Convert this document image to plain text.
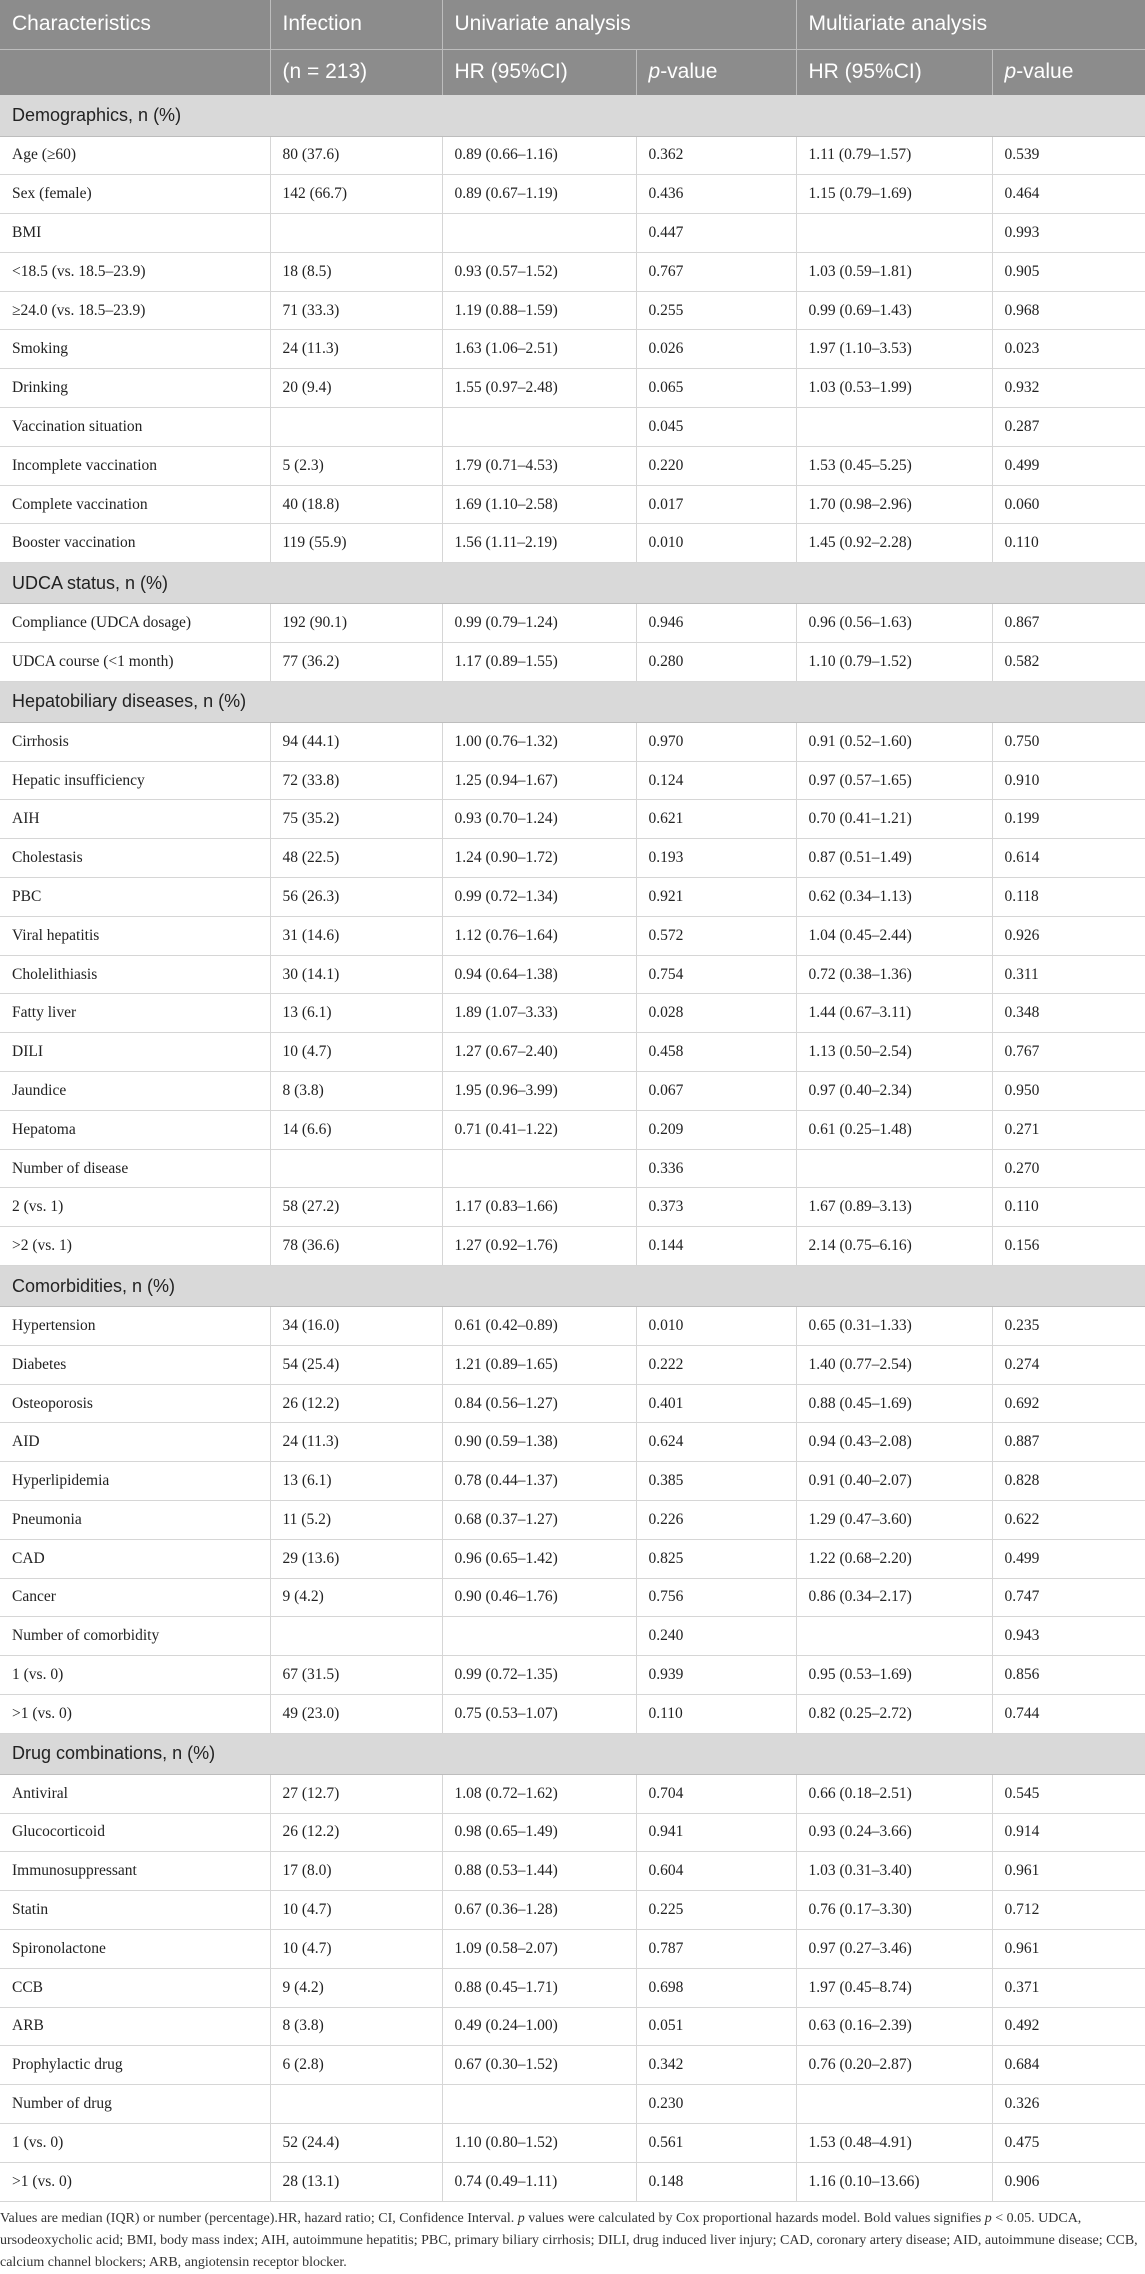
Characteristics	Infection	Univariate analysis		Multiariate analysis	
	(n = 213)	HR (95%CI)	p-value	HR (95%CI)	p-value
Demographics, n (%)					
Age (≥60)	80 (37.6)	0.89 (0.66–1.16)	0.362	1.11 (0.79–1.57)	0.539
Sex (female)	142 (66.7)	0.89 (0.67–1.19)	0.436	1.15 (0.79–1.69)	0.464
BMI			0.447		0.993
<18.5 (vs. 18.5–23.9)	18 (8.5)	0.93 (0.57–1.52)	0.767	1.03 (0.59–1.81)	0.905
≥24.0 (vs. 18.5–23.9)	71 (33.3)	1.19 (0.88–1.59)	0.255	0.99 (0.69–1.43)	0.968
Smoking	24 (11.3)	1.63 (1.06–2.51)	0.026	1.97 (1.10–3.53)	0.023
Drinking	20 (9.4)	1.55 (0.97–2.48)	0.065	1.03 (0.53–1.99)	0.932
Vaccination situation			0.045		0.287
Incomplete vaccination	5 (2.3)	1.79 (0.71–4.53)	0.220	1.53 (0.45–5.25)	0.499
Complete vaccination	40 (18.8)	1.69 (1.10–2.58)	0.017	1.70 (0.98–2.96)	0.060
Booster vaccination	119 (55.9)	1.56 (1.11–2.19)	0.010	1.45 (0.92–2.28)	0.110
UDCA status, n (%)					
Compliance (UDCA dosage)	192 (90.1)	0.99 (0.79–1.24)	0.946	0.96 (0.56–1.63)	0.867
UDCA course (<1 month)	77 (36.2)	1.17 (0.89–1.55)	0.280	1.10 (0.79–1.52)	0.582
Hepatobiliary diseases, n (%)					
Cirrhosis	94 (44.1)	1.00 (0.76–1.32)	0.970	0.91 (0.52–1.60)	0.750
Hepatic insufficiency	72 (33.8)	1.25 (0.94–1.67)	0.124	0.97 (0.57–1.65)	0.910
AIH	75 (35.2)	0.93 (0.70–1.24)	0.621	0.70 (0.41–1.21)	0.199
Cholestasis	48 (22.5)	1.24 (0.90–1.72)	0.193	0.87 (0.51–1.49)	0.614
PBC	56 (26.3)	0.99 (0.72–1.34)	0.921	0.62 (0.34–1.13)	0.118
Viral hepatitis	31 (14.6)	1.12 (0.76–1.64)	0.572	1.04 (0.45–2.44)	0.926
Cholelithiasis	30 (14.1)	0.94 (0.64–1.38)	0.754	0.72 (0.38–1.36)	0.311
Fatty liver	13 (6.1)	1.89 (1.07–3.33)	0.028	1.44 (0.67–3.11)	0.348
DILI	10 (4.7)	1.27 (0.67–2.40)	0.458	1.13 (0.50–2.54)	0.767
Jaundice	8 (3.8)	1.95 (0.96–3.99)	0.067	0.97 (0.40–2.34)	0.950
Hepatoma	14 (6.6)	0.71 (0.41–1.22)	0.209	0.61 (0.25–1.48)	0.271
Number of disease			0.336		0.270
2 (vs. 1)	58 (27.2)	1.17 (0.83–1.66)	0.373	1.67 (0.89–3.13)	0.110
>2 (vs. 1)	78 (36.6)	1.27 (0.92–1.76)	0.144	2.14 (0.75–6.16)	0.156
Comorbidities, n (%)					
Hypertension	34 (16.0)	0.61 (0.42–0.89)	0.010	0.65 (0.31–1.33)	0.235
Diabetes	54 (25.4)	1.21 (0.89–1.65)	0.222	1.40 (0.77–2.54)	0.274
Osteoporosis	26 (12.2)	0.84 (0.56–1.27)	0.401	0.88 (0.45–1.69)	0.692
AID	24 (11.3)	0.90 (0.59–1.38)	0.624	0.94 (0.43–2.08)	0.887
Hyperlipidemia	13 (6.1)	0.78 (0.44–1.37)	0.385	0.91 (0.40–2.07)	0.828
Pneumonia	11 (5.2)	0.68 (0.37–1.27)	0.226	1.29 (0.47–3.60)	0.622
CAD	29 (13.6)	0.96 (0.65–1.42)	0.825	1.22 (0.68–2.20)	0.499
Cancer	9 (4.2)	0.90 (0.46–1.76)	0.756	0.86 (0.34–2.17)	0.747
Number of comorbidity			0.240		0.943
1 (vs. 0)	67 (31.5)	0.99 (0.72–1.35)	0.939	0.95 (0.53–1.69)	0.856
>1 (vs. 0)	49 (23.0)	0.75 (0.53–1.07)	0.110	0.82 (0.25–2.72)	0.744
Drug combinations, n (%)					
Antiviral	27 (12.7)	1.08 (0.72–1.62)	0.704	0.66 (0.18–2.51)	0.545
Glucocorticoid	26 (12.2)	0.98 (0.65–1.49)	0.941	0.93 (0.24–3.66)	0.914
Immunosuppressant	17 (8.0)	0.88 (0.53–1.44)	0.604	1.03 (0.31–3.40)	0.961
Statin	10 (4.7)	0.67 (0.36–1.28)	0.225	0.76 (0.17–3.30)	0.712
Spironolactone	10 (4.7)	1.09 (0.58–2.07)	0.787	0.97 (0.27–3.46)	0.961
CCB	9 (4.2)	0.88 (0.45–1.71)	0.698	1.97 (0.45–8.74)	0.371
ARB	8 (3.8)	0.49 (0.24–1.00)	0.051	0.63 (0.16–2.39)	0.492
Prophylactic drug	6 (2.8)	0.67 (0.30–1.52)	0.342	0.76 (0.20–2.87)	0.684
Number of drug			0.230		0.326
1 (vs. 0)	52 (24.4)	1.10 (0.80–1.52)	0.561	1.53 (0.48–4.91)	0.475
>1 (vs. 0)	28 (13.1)	0.74 (0.49–1.11)	0.148	1.16 (0.10–13.66)	0.906
Values are median (IQR) or number (percentage).HR, hazard ratio; CI, Confidence Interval. p values were calculated by Cox proportional hazards model. Bold values signifies p < 0.05. UDCA, ursodeoxycholic acid; BMI, body mass index; AIH, autoimmune hepatitis; PBC, primary biliary cirrhosis; DILI, drug induced liver injury; CAD, coronary artery disease; AID, autoimmune disease; CCB, calcium channel blockers; ARB, angiotensin receptor blocker.
